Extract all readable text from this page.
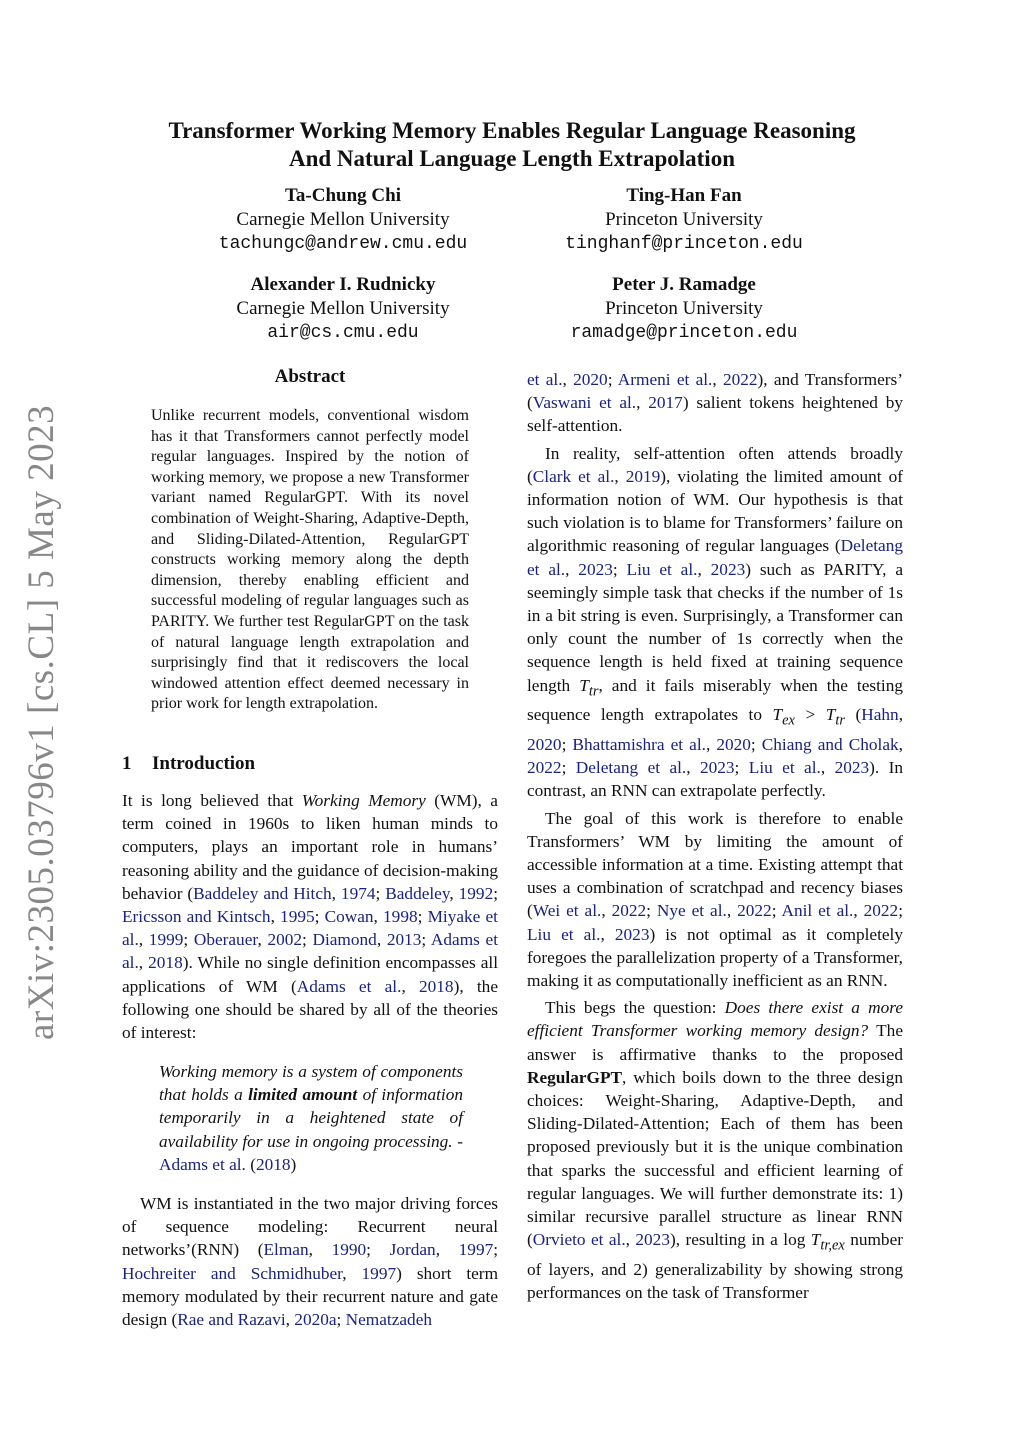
arXiv:2305.03796v1 [cs.CL] 5 May 2023
Transformer Working Memory Enables Regular Language Reasoning
And Natural Language Length Extrapolation
Ta-Chung Chi
Carnegie Mellon University
tachungc@andrew.cmu.edu
Ting-Han Fan
Princeton University
tinghanf@princeton.edu
Alexander I. Rudnicky
Carnegie Mellon University
air@cs.cmu.edu
Peter J. Ramadge
Princeton University
ramadge@princeton.edu
Abstract
Unlike recurrent models, conventional wisdom has it that Transformers cannot perfectly model regular languages. Inspired by the notion of working memory, we propose a new Transformer variant named RegularGPT. With its novel combination of Weight-Sharing, Adaptive-Depth, and Sliding-Dilated-Attention, RegularGPT constructs working memory along the depth dimension, thereby enabling efficient and successful modeling of regular languages such as PARITY. We further test RegularGPT on the task of natural language length extrapolation and surprisingly find that it rediscovers the local windowed attention effect deemed necessary in prior work for length extrapolation.
1 Introduction

It is long believed that Working Memory (WM), a term coined in 1960s to liken human minds to computers, plays an important role in humans’ reasoning ability and the guidance of decision-making behavior (Baddeley and Hitch, 1974; Baddeley, 1992; Ericsson and Kintsch, 1995; Cowan, 1998; Miyake et al., 1999; Oberauer, 2002; Diamond, 2013; Adams et al., 2018). While no single definition encompasses all applications of WM (Adams et al., 2018), the following one should be shared by all of the theories of interest:

Working memory is a system of components that holds a limited amount of information temporarily in a heightened state of availability for use in ongoing processing. - Adams et al. (2018)

WM is instantiated in the two major driving forces of sequence modeling: Recurrent neural networks’(RNN) (Elman, 1990; Jordan, 1997; Hochreiter and Schmidhuber, 1997) short term memory modulated by their recurrent nature and gate design (Rae and Razavi, 2020a; Nematzadeh

et al., 2020; Armeni et al., 2022), and Transformers’ (Vaswani et al., 2017) salient tokens heightened by self-attention.

In reality, self-attention often attends broadly (Clark et al., 2019), violating the limited amount of information notion of WM. Our hypothesis is that such violation is to blame for Transformers’ failure on algorithmic reasoning of regular languages (Deletang et al., 2023; Liu et al., 2023) such as PARITY, a seemingly simple task that checks if the number of 1s in a bit string is even. Surprisingly, a Transformer can only count the number of 1s correctly when the sequence length is held fixed at training sequence length $T_{tr}$, and it fails miserably when the testing sequence length extrapolates to $T_{ex} > T_{tr}$ (Hahn, 2020; Bhattamishra et al., 2020; Chiang and Cholak, 2022; Deletang et al., 2023; Liu et al., 2023). In contrast, an RNN can extrapolate perfectly.

The goal of this work is therefore to enable Transformers’ WM by limiting the amount of accessible information at a time. Existing attempt that uses a combination of scratchpad and recency biases (Wei et al., 2022; Nye et al., 2022; Anil et al., 2022; Liu et al., 2023) is not optimal as it completely foregoes the parallelization property of a Transformer, making it as computationally inefficient as an RNN.

This begs the question: Does there exist a more efficient Transformer working memory design? The answer is affirmative thanks to the proposed RegularGPT, which boils down to the three design choices: Weight-Sharing, Adaptive-Depth, and Sliding-Dilated-Attention; Each of them has been proposed previously but it is the unique combination that sparks the successful and efficient learning of regular languages. We will further demonstrate its: 1) similar recursive parallel structure as linear RNN (Orvieto et al., 2023), resulting in a $\log T_{tr,ex}$ number of layers, and 2) generalizability by showing strong performances on the task of Transformer
